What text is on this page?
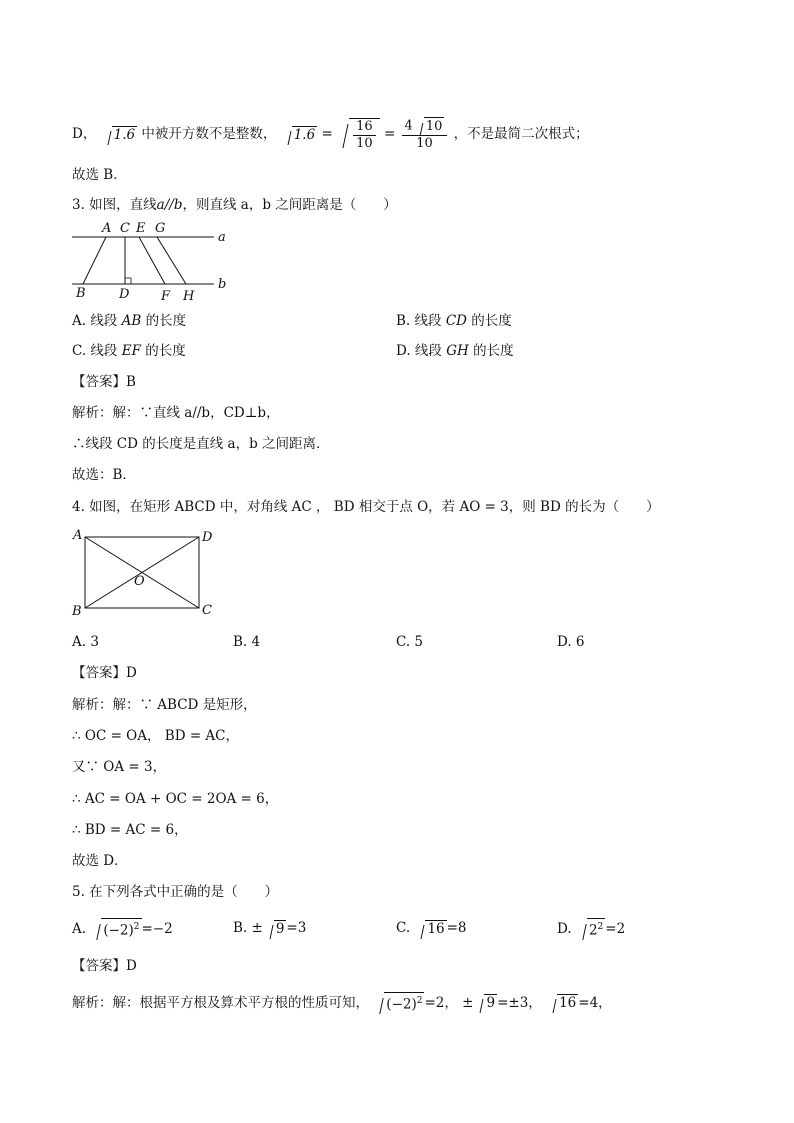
D， 1.6 中被开方数不是整数， $1.6 = \frac{16}{10} = \frac{4 10}{10}$ ，不是最简二次根式；
故选 B．
3. 如图，直线a//b，则直线 a，b 之间距离是（　　）
A C E G
a
B	D F H
b
A. 线段 AB 的长度	B. 线段 CD 的长度
C. 线段 EF 的长度	D. 线段 GH 的长度
【答案】B
解析：解：∵直线 a//b，CD⊥b，
∴线段 CD 的长度是直线 a，b 之间距离．
故选：B．
4. 如图，在矩形 ABCD 中，对角线 AC ， BD 相交于点 O，若 AO = 3，则 BD 的长为（　　）
A	D
O
B	C
A. 3	B. 4	C. 5	D. 6
【答案】D
解析：解：∵ ABCD 是矩形，
∴ OC = OA， BD = AC，
又∵ OA = 3，
∴ AC = OA + OC = 2OA = 6，
∴ BD = AC = 6，
故选 D．
5. 在下列各式中正确的是（　　）
A. $(-2)^2 =-2$	B. ± 9 =3	C. 16 =8	D. $2^2 =2$
【答案】D
解析：解：根据平方根及算术平方根的性质可知， $(-2)^2 =2$， ± 9 =±3， 16 =4，
